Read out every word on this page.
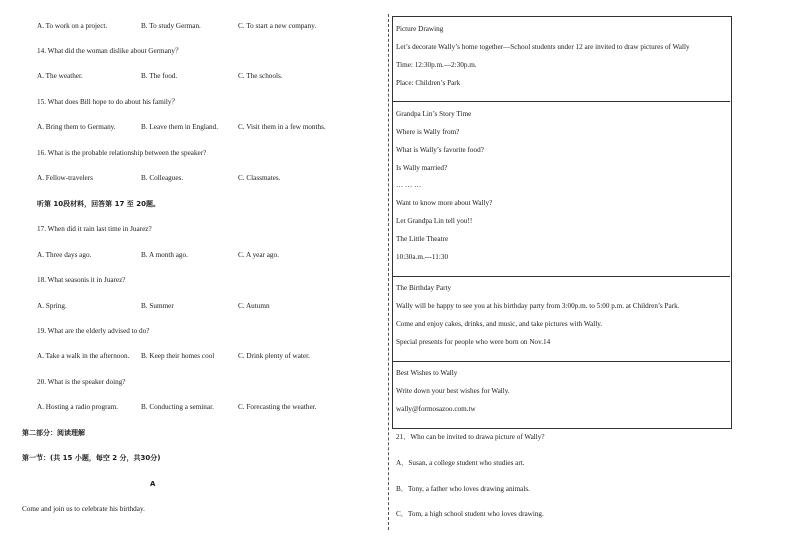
A. To work on a project.	B. To study German.	C. To start a new company.
14. What did the woman dislike about Germany？
A. The weather.	B. The food.	C. The schools.
15. What does Bill hope to do about his family？
A. Bring them to Germany.	B. Leave them in England.	C. Visit them in a few months.
16. What is the probable relationship between the speaker?
A. Fellow-travelers	B. Colleagues.	C. Classmates.
听第 10段材料，回答第 17 至 20题。
17. When did it rain last time in Juarez?
A. Three days ago.	B. A month ago.	C. A year ago.
18. What seasonis it in Juarez?
A. Spring.	B. Summer	C. Autumn
19. What are the elderly advised to do?
A. Take a walk in the afternoon. B. Keep their homes cool	C. Drink plenty of water.
20. What is the speaker doing?
A. Hosting a radio program.	B. Conducting a seminar.	C. Forecasting the weather.
第二部分：阅读理解
第一节：(共 15 小题，每空 2 分，共30分)
A
Come and join us to celebrate his birthday.
Picture Drawing
Let’s decorate Wally’s home together—School students under 12 are invited to draw pictures of Wally
Time: 12:30p.m.—2:30p.m.
Place: Children’s Park
Grandpa Lin’s Story Time
Where is Wally from?
What is Wally’s favorite food?
Is Wally married?
… … …
Want to know more about Wally?
Let Grandpa Lin tell you!!
The Little Theatre
10:30a.m.---11:30
The Birthday Party
Wally will be happy to see you at his birthday party from 3:00p.m. to 5:00 p.m. at Children’s Park.
Come and enjoy cakes, drinks, and music, and take pictures with Wally.
Special presents for people who were born on Nov.14
Best Wishes to Wally
Write down your best wishes for Wally.
wally@formosazoo.com.tw
21．Who can be invited to drawa picture of Wally?
A．Susan, a college student who studies art.
B．Tony, a father who loves drawing animals.
C．Tom, a high school student who loves drawing.
